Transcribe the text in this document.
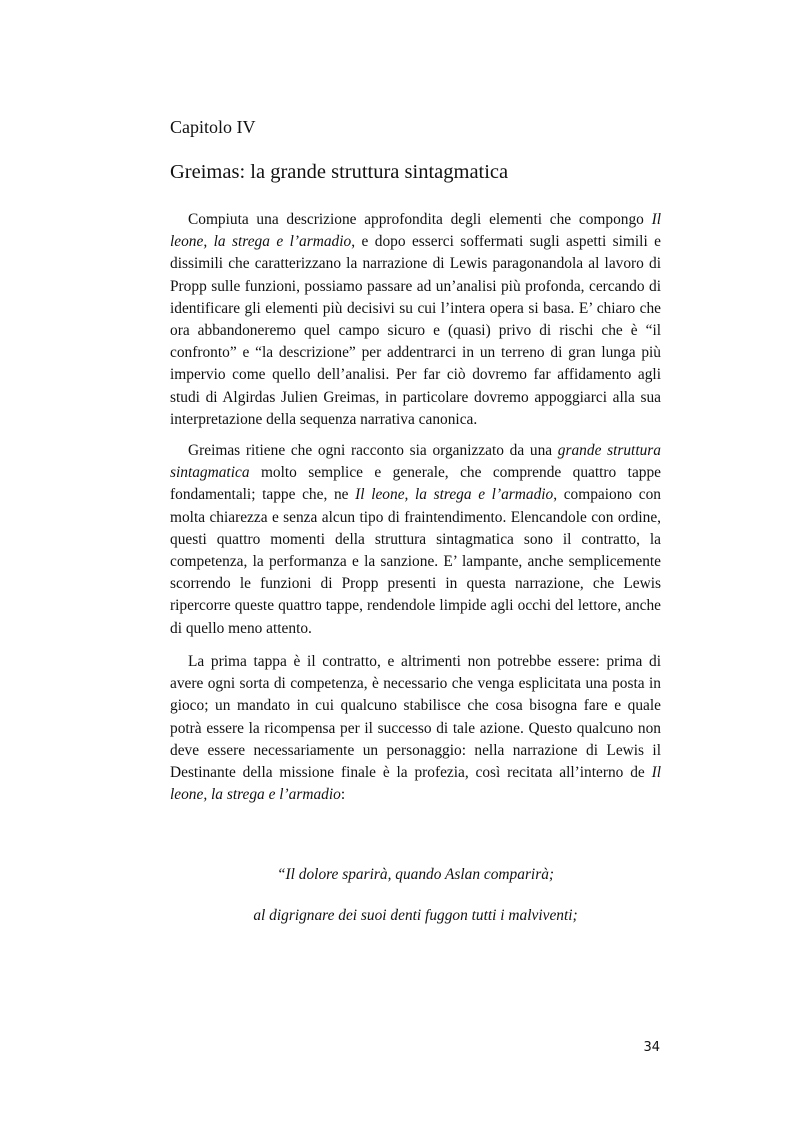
Capitolo IV
Greimas: la grande struttura sintagmatica

Compiuta una descrizione approfondita degli elementi che compongo Il leone, la strega e l’armadio, e dopo esserci soffermati sugli aspetti simili e dissimili che caratterizzano la narrazione di Lewis paragonandola al lavoro di Propp sulle funzioni, possiamo passare ad un’analisi più profonda, cercando di identificare gli elementi più decisivi su cui l’intera opera si basa. E’ chiaro che ora abbandoneremo quel campo sicuro e (quasi) privo di rischi che è “il confronto” e “la descrizione” per addentrarci in un terreno di gran lunga più impervio come quello dell’analisi. Per far ciò dovremo far affidamento agli studi di Algirdas Julien Greimas, in particolare dovremo appoggiarci alla sua interpretazione della sequenza narrativa canonica.

Greimas ritiene che ogni racconto sia organizzato da una grande struttura sintagmatica molto semplice e generale, che comprende quattro tappe fondamentali; tappe che, ne Il leone, la strega e l’armadio, compaiono con molta chiarezza e senza alcun tipo di fraintendimento. Elencandole con ordine, questi quattro momenti della struttura sintagmatica sono il contratto, la competenza, la performanza e la sanzione. E’ lampante, anche semplicemente scorrendo le funzioni di Propp presenti in questa narrazione, che Lewis ripercorre queste quattro tappe, rendendole limpide agli occhi del lettore, anche di quello meno attento.

La prima tappa è il contratto, e altrimenti non potrebbe essere: prima di avere ogni sorta di competenza, è necessario che venga esplicitata una posta in gioco; un mandato in cui qualcuno stabilisce che cosa bisogna fare e quale potrà essere la ricompensa per il successo di tale azione. Questo qualcuno non deve essere necessariamente un personaggio: nella narrazione di Lewis il Destinante della missione finale è la profezia, così recitata all’interno de Il leone, la strega e l’armadio:

“Il dolore sparirà, quando Aslan comparirà;
al digrignare dei suoi denti fuggon tutti i malviventi;
34
